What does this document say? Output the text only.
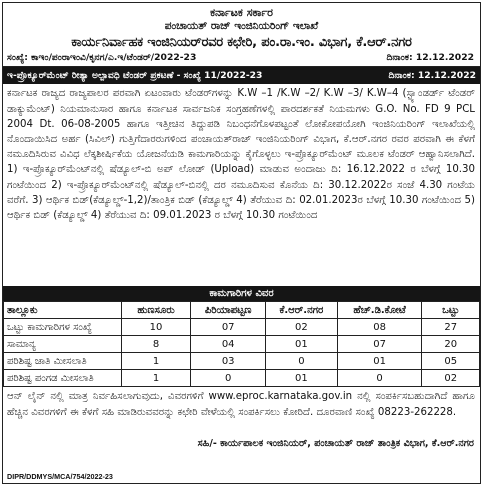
ಕರ್ನಾಟಕ ಸರ್ಕಾರ
ಪಂಚಾಯತ್ ರಾಜ್ ಇಂಜಿನಿಯರಿಂಗ್ ಇಲಾಖೆ
ಕಾರ್ಯನಿರ್ವಾಹಕ ಇಂಜಿನಿಯರ್‌ರವರ ಕಛೇರಿ, ಪಂ.ರಾ.ಇಂ. ವಿಭಾಗ, ಕೆ.ಆರ್.ನಗರ
ಸಂಖ್ಯೆ: ಕಾಇಂ/ಪಂರಾಇಂವಿ/ಕೃನಗ/ಎ.ಇ/ಟೆಂಡರ್/2022-23	ದಿನಾಂಕ: 12.12.2022
ಇ-ಪ್ರೊಕ್ಯೂರ್‌ಮೆಂಟ್ ರೀತ್ಯಾ ಅಲ್ಪಾವಧಿ ಟೆಂಡರ್ ಪ್ರಕಟಣೆ - ಸಂಖ್ಯೆ 11/2022-23	ದಿನಾಂಕ: 12.12.2022

ಕರ್ನಾಟಕ ರಾಜ್ಯದ ರಾಜ್ಯಪಾಲರ ಪರವಾಗಿ ಏಟಂವಾರು ಟೆಂಡರ್‌ಗಳನ್ನು K.W –1 /K.W –2/ K.W –3/ K.W–4 (ಸ್ಟ್ಯಾಂಡರ್ಡ್ ಟೆಂಡರ್ ಡಾಕ್ಯುಮೆಂಟ್) ನಿಯಮಾನುಸಾರ ಹಾಗೂ ಕರ್ನಾಟಕ ಸಾರ್ವಜನಿಕ ಸಂಗ್ರಹಣೆಗಳಲ್ಲಿ ಪಾರದರ್ಶಕತೆ ನಿಯಮಗಳು G.O. No. FD 9 PCL 2004 Dt. 06-08-2005 ಹಾಗೂ ಇತ್ತೀಚಿನ ತಿದ್ದುಪಡಿ ನಿಬಂಧನೆಗೊಳಪಟ್ಟಂತೆ ಲೋಕೋಪಯೋಗಿ ಇಂಜಿನಿಯರಿಂಗ್ ಇಲಾಖೆಯಲ್ಲಿ ನೊಂದಾಯಿಸಿದ ಅರ್ಹ (ಸಿವಿಲ್) ಗುತ್ತಿಗೆದಾರರುಗಳಿಂದ ಪಂಚಾಯತ್‌ರಾಜ್ ಇಂಜಿನಿಯರಿಂಗ್ ವಿಭಾಗ, ಕೆ.ಆರ್.ನಗರ ರವರ ಪರವಾಗಿ ಈ ಕೆಳಗೆ ನಮೂದಿಸಿರುವ ವಿವಿಧ ಲೆಕ್ಕಶೀರ್ಷಿಕೆಯ ಯೋಜನೆಯಡಿ ಕಾಮಗಾರಿಯನ್ನು ಕೈಗೊಳ್ಳಲು ಇ-ಪ್ರೊಕ್ಯೂರ್‌ಮೆಂಟ್ ಮೂಲಕ ಟೆಂಡರ್ ಆಹ್ವಾನಿಸಲಾಗಿದೆ. 1) ಇ-ಪ್ರೊಕ್ಯೂರ್‌ಮೆಂಟ್‌ನಲ್ಲಿ ಷೆಡ್ಯೂಲ್-ಬಿ ಅಪ್ ಲೋಡ್ (Upload) ಮಾಡುವ ಅಂದಾಜು ದಿ: 16.12.2022 ರ ಬೆಳಗ್ಗೆ 10.30 ಗಂಟೆಯಿಂದ 2) ಇ-ಪ್ರೊಕ್ಯೂರ್‌ಮೆಂಟ್‌ನಲ್ಲಿ ಷೆಡ್ಯೂಲ್-ಬಿನಲ್ಲಿ ದರ ನಮೂದಿಸುವ ಕೊನೆಯ ದಿ: 30.12.2022ರ ಸಂಜೆ 4.30 ಗಂಟೆಯ ವರೆಗೆ. 3) ಆರ್ಥಿಕ ಬಿಡ್(ಕೆಡ್ಯೂಲ್ಡ್-1,2)/ತಾಂತ್ರಿಕ ಬಿಡ್ (ಕೆಡ್ಯೂಲ್ಡ್ 4) ತೆರೆಯುವ ದಿ: 02.01.2023ರ ಬೆಳಗ್ಗೆ 10.30 ಗಂಟೆಯಿಂದ 5) ಆರ್ಥಿಕ ಬಿಡ್ (ಕೆಡ್ಯೂಲ್ಡ್ 4) ತೆರೆಯುವ ದಿ: 09.01.2023 ರ ಬೆಳಗ್ಗೆ 10.30 ಗಂಟೆಯಿಂದ

ಕಾಮಗಾರಿಗಳ ವಿವರ
ತಾಲ್ಲೂಕು	ಹುಣಸೂರು	ಪಿರಿಯಾಪಟ್ಟಣ	ಕೆ.ಆರ್.ನಗರ	ಹೆಚ್.ಡಿ.ಕೋಟೆ	ಒಟ್ಟು
ಒಟ್ಟು ಕಾಮಗಾರಿಗಳ ಸಂಖ್ಯೆ	10	07	02	08	27
ಸಾಮಾನ್ಯ	8	04	01	07	20
ಪರಿಶಿಷ್ಟ ಜಾತಿ ಮೀಸಲಾತಿ	1	03	0	01	05
ಪರಿಶಿಷ್ಟ ಪಂಗಡ ಮೀಸಲಾತಿ	1	0	01	0	02

ಆನ್ ಲೈನ್ ನಲ್ಲಿ ಮಾತ್ರ ನಿರ್ವಹಿಸಲಾಗುವುದು, ವಿವರಗಳಿಗೆ www.eproc.karnataka.gov.in ನಲ್ಲಿ ಸಂಪರ್ಕಿಸಬಹುದಾಗಿದೆ ಹಾಗೂ ಹೆಚ್ಚಿನ ವಿವರಗಳಿಗೆ ಈ ಕೆಳಗೆ ಸಹಿ ಮಾಡಿರುವವರನ್ನು ಕಛೇರಿ ವೇಳೆಯಲ್ಲಿ ಸಂಪರ್ಕಿಸಲು ಕೋರಿದೆ. ದೂರವಾಣಿ ಸಂಖ್ಯೆ 08223-262228.

ಸಹಿ/- ಕಾರ್ಯಪಾಲಕ ಇಂಜಿನಿಯರ್, ಪಂಚಾಯತ್ ರಾಜ್ ತಾಂತ್ರಿಕ ವಿಭಾಗ, ಕೆ.ಆರ್.ನಗರ
DIPR/DDMYS/MCA/754/2022-23
